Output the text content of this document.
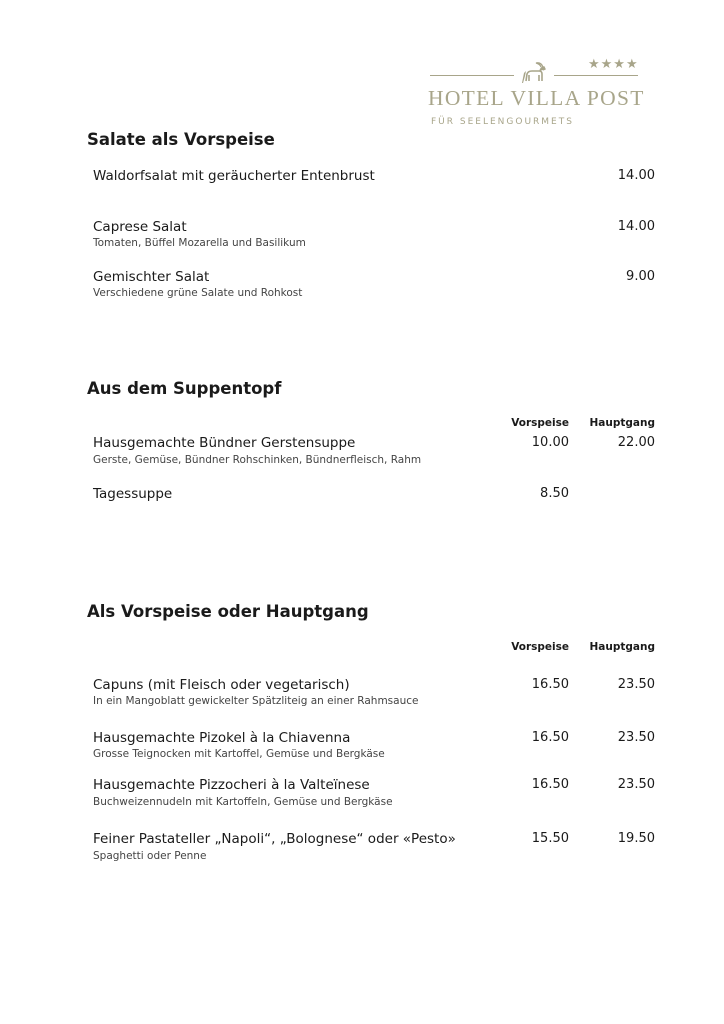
★★★★
HOTEL VILLA POST
FÜR SEELENGOURMETS
Salate als Vorspeise
Waldorfsalat mit geräucherter Entenbrust	14.00
Caprese Salat
Tomaten, Büffel Mozarella und Basilikum
14.00
Gemischter Salat
Verschiedene grüne Salate und Rohkost
9.00
Aus dem Suppentopf
Vorspeise	Hauptgang
Hausgemachte Bündner Gerstensuppe
Gerste, Gemüse, Bündner Rohschinken, Bündnerfleisch, Rahm
10.00	22.00
Tagessuppe	8.50
Als Vorspeise oder Hauptgang
Vorspeise	Hauptgang
Capuns (mit Fleisch oder vegetarisch)
In ein Mangoblatt gewickelter Spätzliteig an einer Rahmsauce
16.50	23.50
Hausgemachte Pizokel à la Chiavenna
Grosse Teignocken mit Kartoffel, Gemüse und Bergkäse
16.50	23.50
Hausgemachte Pizzocheri à la Valteïnese
Buchweizennudeln mit Kartoffeln, Gemüse und Bergkäse
16.50	23.50
Feiner Pastateller „Napoli“, „Bolognese“ oder «Pesto»
Spaghetti oder Penne
15.50	19.50
